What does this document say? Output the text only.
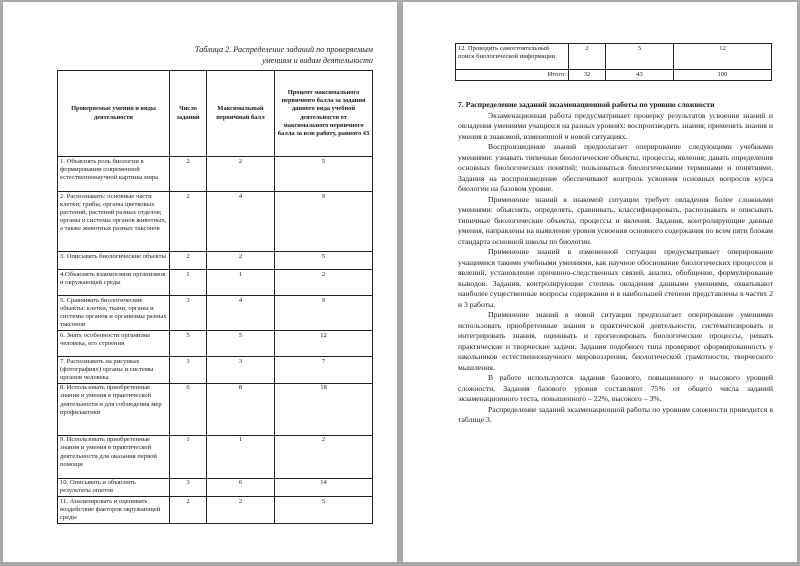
Таблица 2. Распределение заданий по проверяемым
умениям и видам деятельности
Проверяемые умения и виды деятельности	Число заданий	Максимальный первичный балл	Процент максимального первичного балла за задания данного вида учебной деятельности от максимального первичного балла за всю работу, равного 43
1. Объяснять роль биологии в формировании современной естественнонаучной картины мира	2	2	5
2. Распознавать: основные части клетки; грибы, органы цветковых растений, растений разных отделов; органы и системы органов животных, а также животных разных таксонов	2	4	9
3. Описывать биологические объекты	2	2	5
4.Объяснять взаимосвязи организмов и окружающей среды	1	1	2
5. Сравнивать биологические объекты: клетки, ткани, органы и системы органов и организмы разных таксонов	3	4	9
6. Знать особенности организма человека, его строения	5	5	12
7. Распознавать на рисунках (фотографиях) органы и системы органов человека	3	3	7
8. Использовать приобретенные знания и умения в практической деятельности и для соблюдения мер профилактики	6	8	18
9. Использовать приобретенные знания и умения в практической деятельности для оказания первой помощи	1	1	2
10. Описывать и объяснять результаты опытов	3	6	14
11. Анализировать и оценивать воздействие факторов окружающей среды	2	2	5
12. Проводить самостоятельный поиск биологической информации	2	5	12
Итого:	32	43	100
7. Распределение заданий экзаменационной работы по уровню сложности

Экзаменационная работа предусматривает проверку результатов усвоения знаний и овладения умениями учащихся на разных уровнях: воспроизводить знания; применять знания и умения в знакомой, измененной и новой ситуациях.

Воспроизведение знаний предполагает оперирование следующими учебными умениями: узнавать типичные биологические объекты, процессы, явления; давать определения основных биологических понятий; пользоваться биологическими терминами и понятиями. Задания на воспроизведение обеспечивают контроль усвоения основных вопросов курса биологии на базовом уровне.

Применение знаний в знакомой ситуации требует овладения более сложными умениями: объяснять, определять, сравнивать, классифицировать, распознавать и описывать типичные биологические объекты, процессы и явления. Задания, контролирующие данные умения, направлены на выявление уровня усвоения основного содержания по всем пяти блокам стандарта основной школы по биологии.

Применение знаний в измененной ситуации предусматривает оперирование учащимися такими учебными умениями, как научное обоснование биологических процессов и явлений, установление причинно-следственных связей, анализ, обобщение, формулирование выводов. Задания, контролирующие степень овладения данными умениями, охватывают наиболее существенные вопросы содержания и в наибольшей степени представлены в частях 2 и 3 работы.

Применение знаний в новой ситуации предполагает оперирование умениями использовать приобретенные знания в практической деятельности, систематизировать и интегрировать знания, оценивать и прогнозировать биологические процессы, решать практические и творческие задачи. Задания подобного типа проверяют сформированность у школьников естественнонаучного мировоззрения, биологической грамотности, творческого мышления.

В работе используются задания базового, повышенного и высокого уровней сложности. Задания базового уровня составляют 75% от общего числа заданий экзаменационного теста, повышенного – 22%, высокого – 3%.

Распределение заданий экзаменационной работы по уровням сложности приводится в таблице 3.
